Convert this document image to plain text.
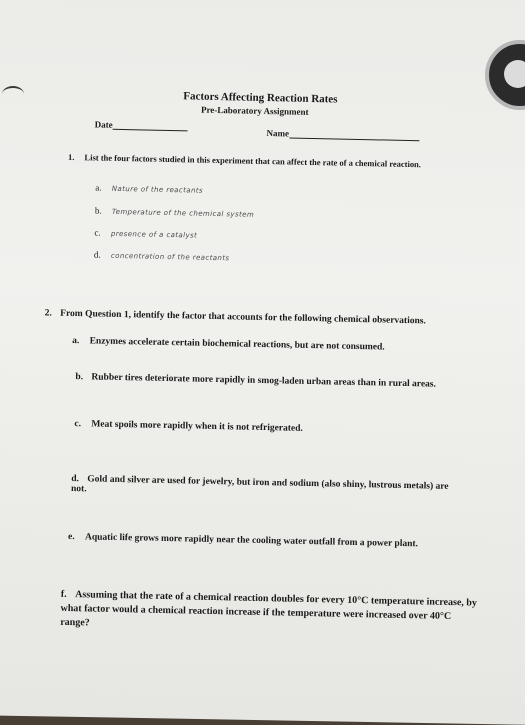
Factors Affecting Reaction Rates
Pre-Laboratory Assignment
Date
Name
1. List the four factors studied in this experiment that can affect the rate of a chemical reaction.
a. Nature of the reactants
b. Temperature of the chemical system
c. presence of a catalyst
d. concentration of the reactants
2. From Question 1, identify the factor that accounts for the following chemical observations.
a. Enzymes accelerate certain biochemical reactions, but are not consumed.
b. Rubber tires deteriorate more rapidly in smog-laden urban areas than in rural areas.
c. Meat spoils more rapidly when it is not refrigerated.
d. Gold and silver are used for jewelry, but iron and sodium (also shiny, lustrous metals) are not.
e. Aquatic life grows more rapidly near the cooling water outfall from a power plant.
f. Assuming that the rate of a chemical reaction doubles for every 10°C temperature increase, by what factor would a chemical reaction increase if the temperature were increased over 40°C range?
